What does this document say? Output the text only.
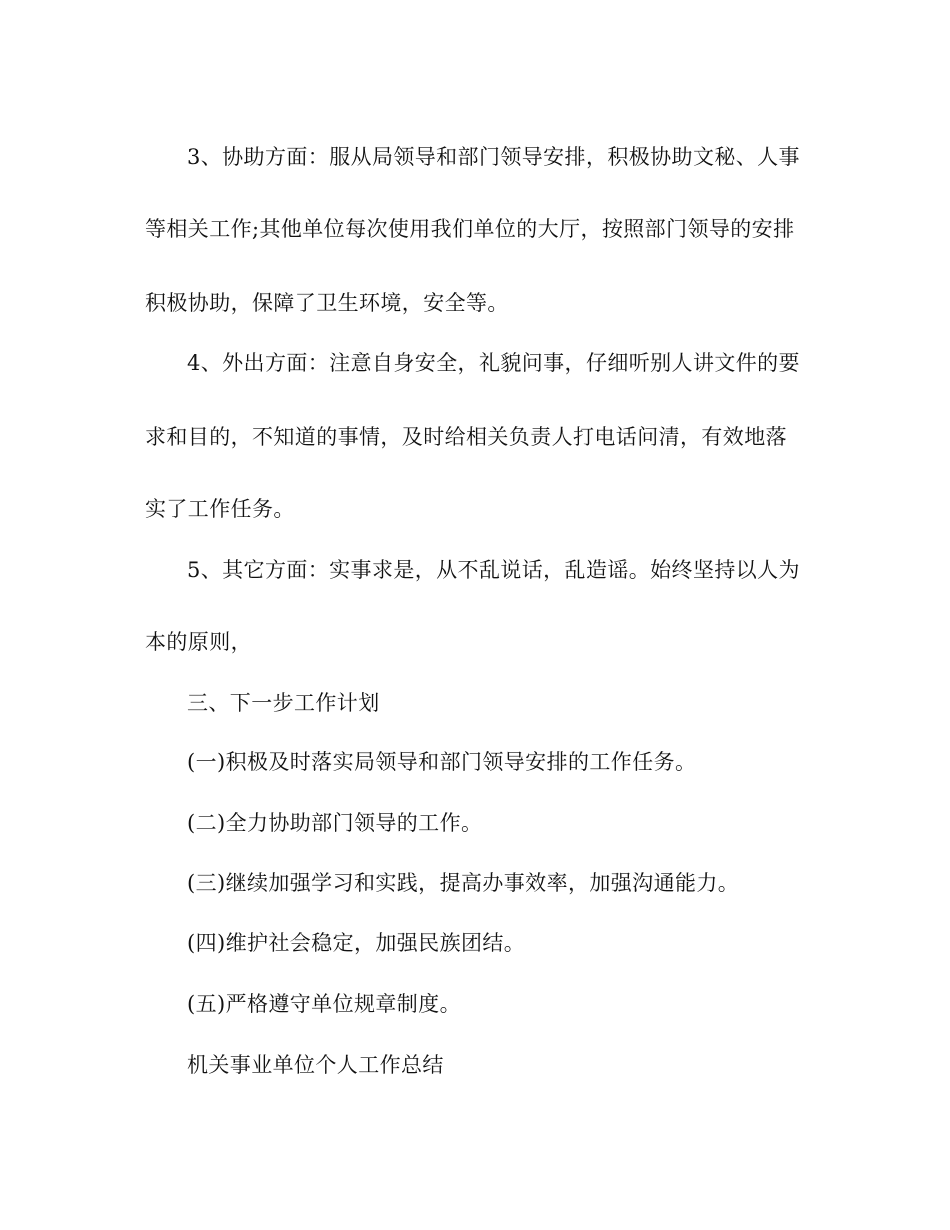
3、协助方面：服从局领导和部门领导安排，积极协助文秘、人事
等相关工作;其他单位每次使用我们单位的大厅，按照部门领导的安排
积极协助，保障了卫生环境，安全等。
4、外出方面：注意自身安全，礼貌问事，仔细听别人讲文件的要
求和目的，不知道的事情，及时给相关负责人打电话问清，有效地落
实了工作任务。
5、其它方面：实事求是，从不乱说话，乱造谣。始终坚持以人为
本的原则，
三、下一步工作计划
(一)积极及时落实局领导和部门领导安排的工作任务。
(二)全力协助部门领导的工作。
(三)继续加强学习和实践，提高办事效率，加强沟通能力。
(四)维护社会稳定，加强民族团结。
(五)严格遵守单位规章制度。
机关事业单位个人工作总结
